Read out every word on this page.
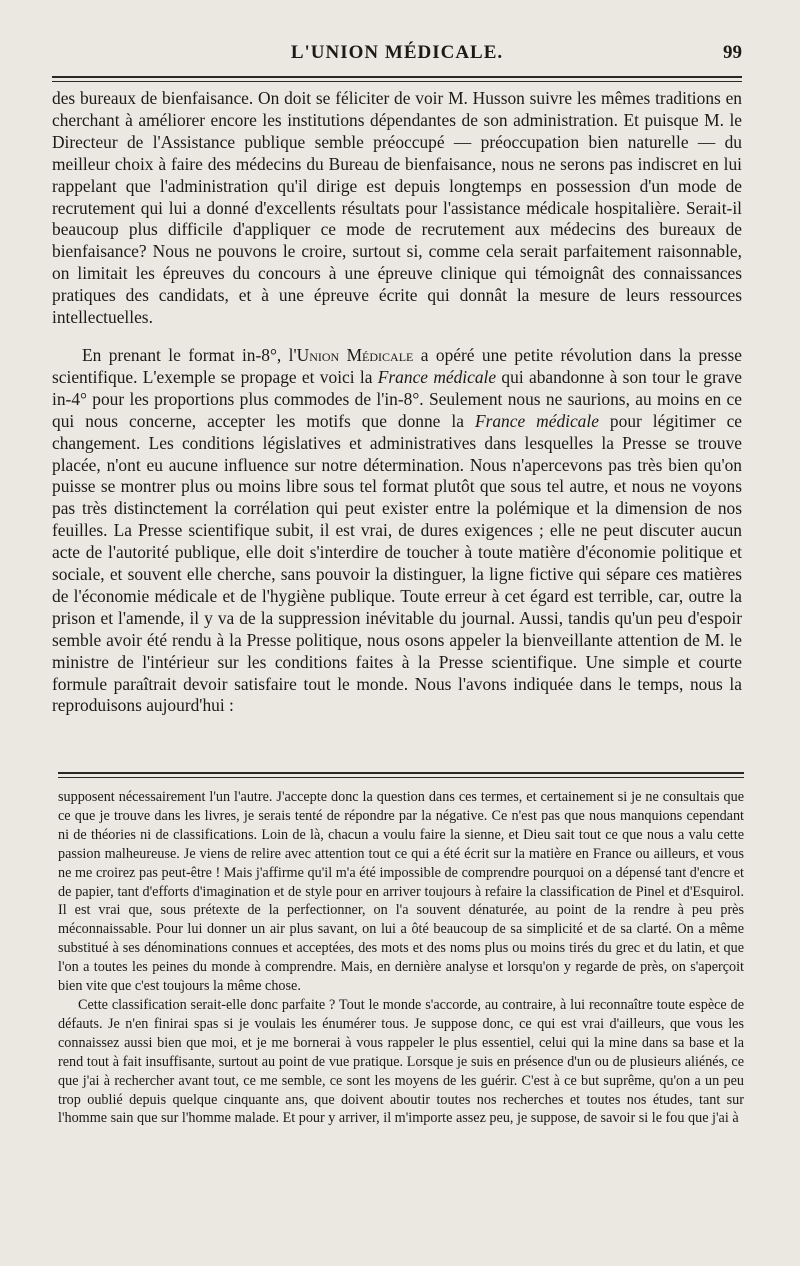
L'UNION MÉDICALE.	99

des bureaux de bienfaisance. On doit se féliciter de voir M. Husson suivre les mêmes traditions en cherchant à améliorer encore les institutions dépendantes de son administration. Et puisque M. le Directeur de l'Assistance publique semble préoccupé — préoccupation bien naturelle — du meilleur choix à faire des médecins du Bureau de bienfaisance, nous ne serons pas indiscret en lui rappelant que l'administration qu'il dirige est depuis longtemps en possession d'un mode de recrutement qui lui a donné d'excellents résultats pour l'assistance médicale hospitalière. Serait-il beaucoup plus difficile d'appliquer ce mode de recrutement aux médecins des bureaux de bienfaisance? Nous ne pouvons le croire, surtout si, comme cela serait parfaitement raisonnable, on limitait les épreuves du concours à une épreuve clinique qui témoignât des connaissances pratiques des candidats, et à une épreuve écrite qui donnât la mesure de leurs ressources intellectuelles.

En prenant le format in-8°, l'Union Médicale a opéré une petite révolution dans la presse scientifique. L'exemple se propage et voici la France médicale qui abandonne à son tour le grave in-4° pour les proportions plus commodes de l'in-8°. Seulement nous ne saurions, au moins en ce qui nous concerne, accepter les motifs que donne la France médicale pour légitimer ce changement. Les conditions législatives et administratives dans lesquelles la Presse se trouve placée, n'ont eu aucune influence sur notre détermination. Nous n'apercevons pas très bien qu'on puisse se montrer plus ou moins libre sous tel format plutôt que sous tel autre, et nous ne voyons pas très distinctement la corrélation qui peut exister entre la polémique et la dimension de nos feuilles. La Presse scientifique subit, il est vrai, de dures exigences ; elle ne peut discuter aucun acte de l'autorité publique, elle doit s'interdire de toucher à toute matière d'économie politique et sociale, et souvent elle cherche, sans pouvoir la distinguer, la ligne fictive qui sépare ces matières de l'économie médicale et de l'hygiène publique. Toute erreur à cet égard est terrible, car, outre la prison et l'amende, il y va de la suppression inévitable du journal. Aussi, tandis qu'un peu d'espoir semble avoir été rendu à la Presse politique, nous osons appeler la bienveillante attention de M. le ministre de l'intérieur sur les conditions faites à la Presse scientifique. Une simple et courte formule paraîtrait devoir satisfaire tout le monde. Nous l'avons indiquée dans le temps, nous la reproduisons aujourd'hui :

supposent nécessairement l'un l'autre. J'accepte donc la question dans ces termes, et certainement si je ne consultais que ce que je trouve dans les livres, je serais tenté de répondre par la négative. Ce n'est pas que nous manquions cependant ni de théories ni de classifications. Loin de là, chacun a voulu faire la sienne, et Dieu sait tout ce que nous a valu cette passion malheureuse. Je viens de relire avec attention tout ce qui a été écrit sur la matière en France ou ailleurs, et vous ne me croirez pas peut-être ! Mais j'affirme qu'il m'a été impossible de comprendre pourquoi on a dépensé tant d'encre et de papier, tant d'efforts d'imagination et de style pour en arriver toujours à refaire la classification de Pinel et d'Esquirol. Il est vrai que, sous prétexte de la perfectionner, on l'a souvent dénaturée, au point de la rendre à peu près méconnaissable. Pour lui donner un air plus savant, on lui a ôté beaucoup de sa simplicité et de sa clarté. On a même substitué à ses dénominations connues et acceptées, des mots et des noms plus ou moins tirés du grec et du latin, et que l'on a toutes les peines du monde à comprendre. Mais, en dernière analyse et lorsqu'on y regarde de près, on s'aperçoit bien vite que c'est toujours la même chose.

Cette classification serait-elle donc parfaite ? Tout le monde s'accorde, au contraire, à lui reconnaître toute espèce de défauts. Je n'en finirai spas si je voulais les énumérer tous. Je suppose donc, ce qui est vrai d'ailleurs, que vous les connaissez aussi bien que moi, et je me bornerai à vous rappeler le plus essentiel, celui qui la mine dans sa base et la rend tout à fait insuffisante, surtout au point de vue pratique. Lorsque je suis en présence d'un ou de plusieurs aliénés, ce que j'ai à rechercher avant tout, ce me semble, ce sont les moyens de les guérir. C'est à ce but suprême, qu'on a un peu trop oublié depuis quelque cinquante ans, que doivent aboutir toutes nos recherches et toutes nos études, tant sur l'homme sain que sur l'homme malade. Et pour y arriver, il m'importe assez peu, je suppose, de savoir si le fou que j'ai à
